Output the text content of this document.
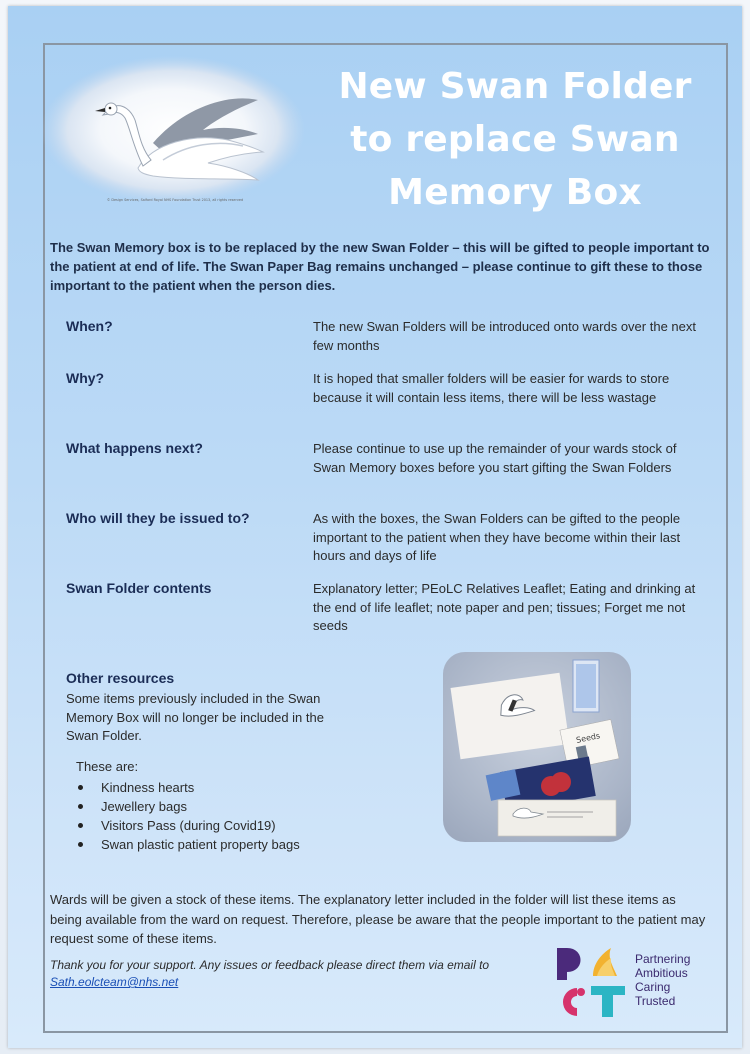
© Design Services, Salford Royal NHS Foundation Trust 2013, all rights reserved
New Swan Folder
to replace Swan
Memory Box
The Swan Memory box is to be replaced by the new Swan Folder – this will be gifted to people important to the patient at end of life. The Swan Paper Bag remains unchanged – please continue to gift these to those important to the patient when the person dies.
When?	The new Swan Folders will be introduced onto wards over the next few months
Why?	It is hoped that smaller folders will be easier for wards to store because it will contain less items, there will be less wastage
What happens next?	Please continue to use up the remainder of your wards stock of Swan Memory boxes before you start gifting the Swan Folders
Who will they be issued to?	As with the boxes, the Swan Folders can be gifted to the people important to the patient when they have become within their last hours and days of life
Swan Folder contents	Explanatory letter; PEoLC Relatives Leaflet; Eating and drinking at the end of life leaflet; note paper and pen; tissues; Forget me not seeds
Other resources
Some items previously included in the Swan Memory Box will no longer be included in the Swan Folder.
These are:
Kindness hearts
Jewellery bags
Visitors Pass (during Covid19)
Swan plastic patient property bags
Seeds
Wards will be given a stock of these items. The explanatory letter included in the folder will list these items as being available from the ward on request. Therefore, please be aware that the people important to the patient may request some of these items.
Thank you for your support. Any issues or feedback please direct them via email to
Sath.eolcteam@nhs.net
Partnering
Ambitious
Caring
Trusted
